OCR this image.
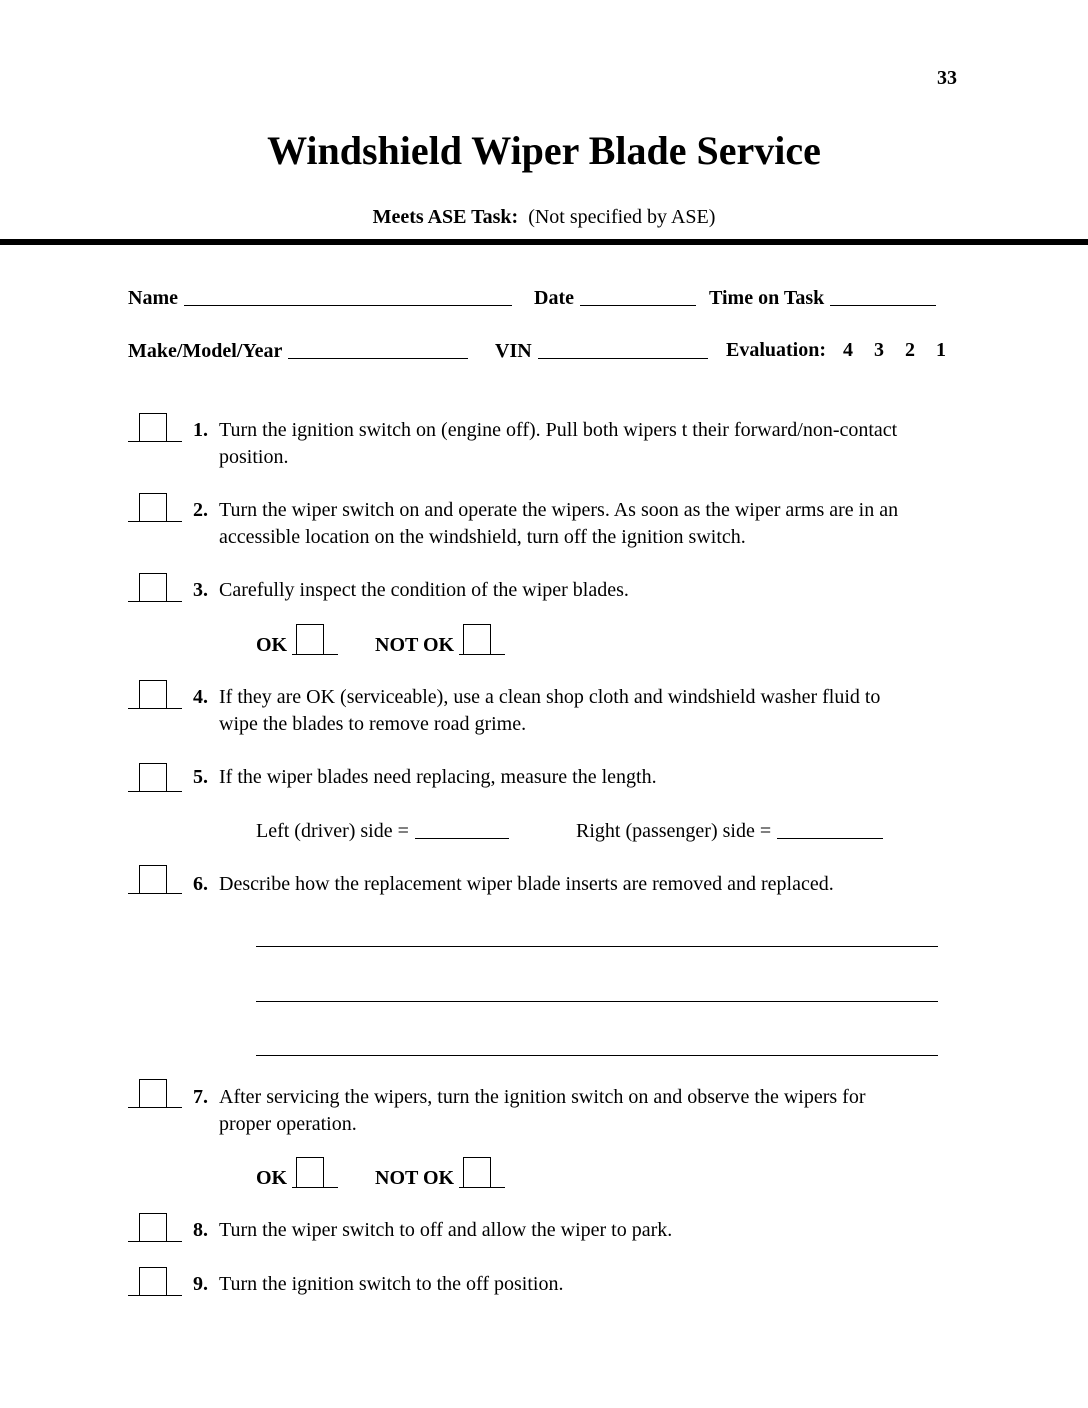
33
Windshield Wiper Blade Service
Meets ASE Task: (Not specified by ASE)
Name	Date	Time on Task
Make/Model/Year	VIN	Evaluation: 4 3 2 1
1. Turn the ignition switch on (engine off). Pull both wipers t their forward/non-contact
position.
2. Turn the wiper switch on and operate the wipers. As soon as the wiper arms are in an
accessible location on the windshield, turn off the ignition switch.
3. Carefully inspect the condition of the wiper blades.
OK	NOT OK
4. If they are OK (serviceable), use a clean shop cloth and windshield washer fluid to
wipe the blades to remove road grime.
5. If the wiper blades need replacing, measure the length.
Left (driver) side =	Right (passenger) side =
6. Describe how the replacement wiper blade inserts are removed and replaced.
7. After servicing the wipers, turn the ignition switch on and observe the wipers for
proper operation.
OK	NOT OK
8. Turn the wiper switch to off and allow the wiper to park.
9. Turn the ignition switch to the off position.
